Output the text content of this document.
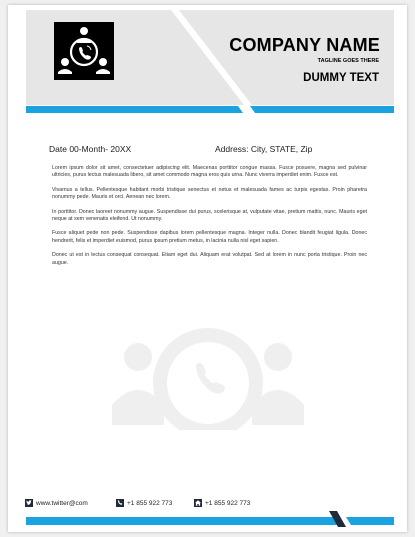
COMPANY NAME
TAGLINE GOES THERE
DUMMY TEXT
Date 00-Month- 20XX	Address: City, STATE, Zip

Lorem ipsum dolor sit amet, consectetuer adipiscing elit. Maecenas porttitor congue massa. Fusce posuere, magna sed pulvinar ultricies, purus lectus malesuada libero, sit amet commodo magna eros quis urna. Nunc viverra imperdiet enim. Fusce est.

Vivamus a tellus. Pellentesque habitant morbi tristique senectus et netus et malesuada fames ac turpis egestas. Proin pharetra nonummy pede. Mauris et orci. Aenean nec lorem.

In porttitor. Donec laoreet nonummy augue. Suspendisse dui purus, scelerisque at, vulputate vitae, pretium mattis, nunc. Mauris eget neque at sem venenatis eleifend. Ut nonummy.

Fusce aliquet pede non pede. Suspendisse dapibus lorem pellentesque magna. Integer nulla. Donec blandit feugiat ligula. Donec hendrerit, felis et imperdiet euismod, purus ipsum pretium metus, in lacinia nulla nisl eget sapien.

Donec ut est in lectus consequat consequat. Etiam eget dui. Aliquam erat volutpat. Sed at lorem in nunc porta tristique. Proin nec augue.

www.twitter@com	+1 855 922 773	+1 855 922 773
